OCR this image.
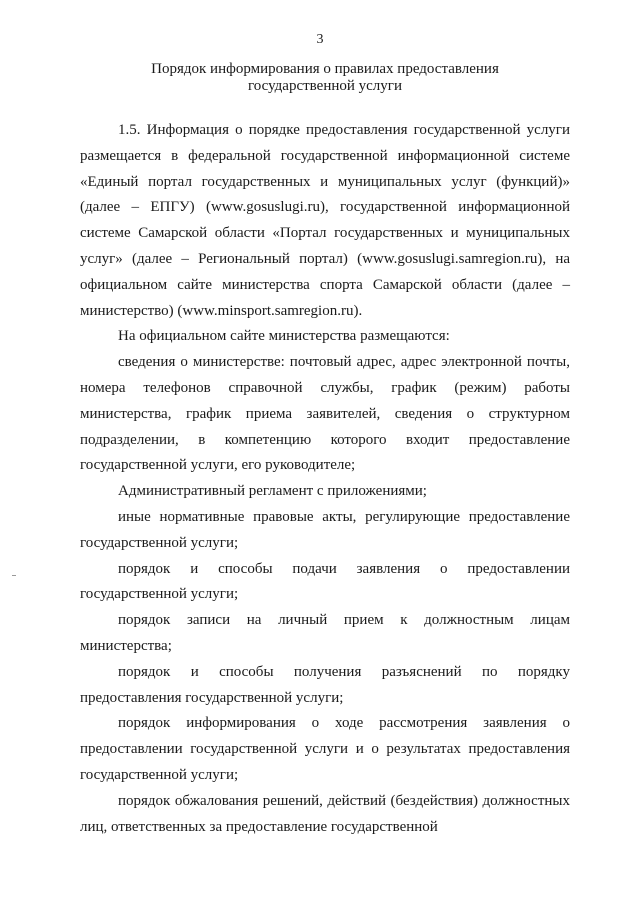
3
Порядок информирования о правилах предоставления
государственной услуги

1.5. Информация о порядке предоставления государственной услуги размещается в федеральной государственной информационной системе «Единый портал государственных и муниципальных услуг (функций)» (далее – ЕПГУ) (www.gosuslugi.ru), государственной информационной системе Самарской области «Портал государственных и муниципальных услуг» (далее – Региональный портал) (www.gosuslugi.samregion.ru), на официальном сайте министерства спорта Самарской области (далее – министерство) (www.minsport.samregion.ru).

На официальном сайте министерства размещаются:

сведения о министерстве: почтовый адрес, адрес электронной почты, номера телефонов справочной службы, график (режим) работы министерства, график приема заявителей, сведения о структурном подразделении, в компетенцию которого входит предоставление государственной услуги, его руководителе;

Административный регламент с приложениями;

иные нормативные правовые акты, регулирующие предоставление государственной услуги;

порядок и способы подачи заявления о предоставлении государственной услуги;

порядок записи на личный прием к должностным лицам министерства;

порядок и способы получения разъяснений по порядку предоставления государственной услуги;

порядок информирования о ходе рассмотрения заявления о предоставлении государственной услуги и о результатах предоставления государственной услуги;

порядок обжалования решений, действий (бездействия) должностных лиц, ответственных за предоставление государственной
